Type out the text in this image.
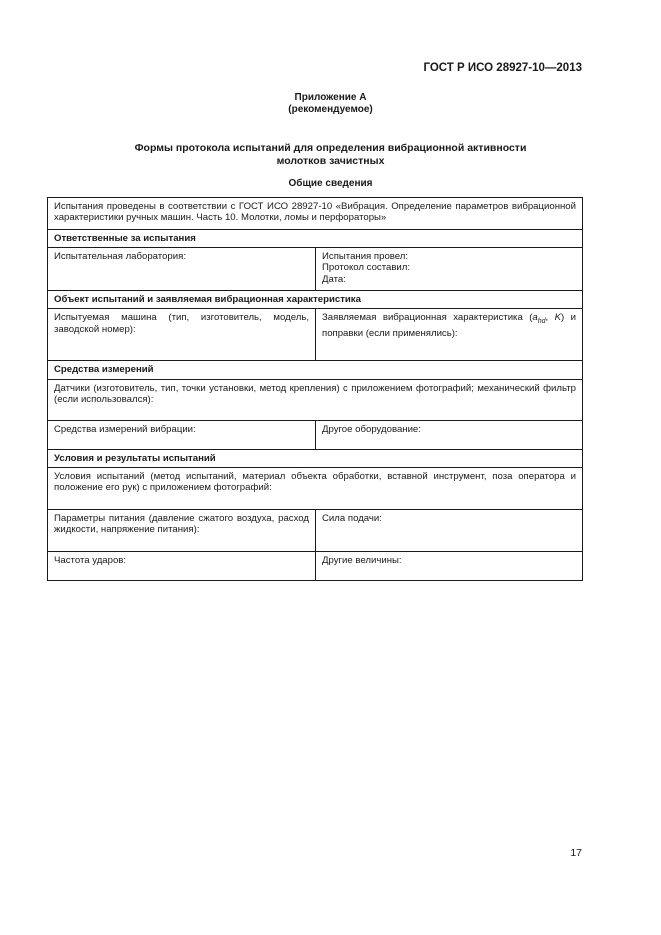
ГОСТ Р ИСО 28927-10—2013
Приложение А
(рекомендуемое)
Формы протокола испытаний для определения вибрационной активности
молотков зачистных
Общие сведения
Испытания проведены в соответствии с ГОСТ ИСО 28927-10 «Вибрация. Определение параметров вибрационной характеристики ручных машин. Часть 10. Молотки, ломы и перфораторы»	
Ответственные за испытания	
Испытательная лаборатория:	Испытания провел:
Протокол составил:
Дата:

Объект испытаний и заявляемая вибрационная характеристика	
Испытуемая машина (тип, изготовитель, модель, заводской номер):	Заявляемая вибрационная характеристика ($a_{hd}$, K) и поправки (если применялись):
Средства измерений	
Датчики (изготовитель, тип, точки установки, метод крепления) с приложением фотографий; механический фильтр (если использовался):	
Средства измерений вибрации:	Другое оборудование:
Условия и результаты испытаний	
Условия испытаний (метод испытаний, материал объекта обработки, вставной инструмент, поза оператора и положение его рук) с приложением фотографий:	
Параметры питания (давление сжатого воздуха, расход жидкости, напряжение питания):	Сила подачи:
Частота ударов:	Другие величины:
17
